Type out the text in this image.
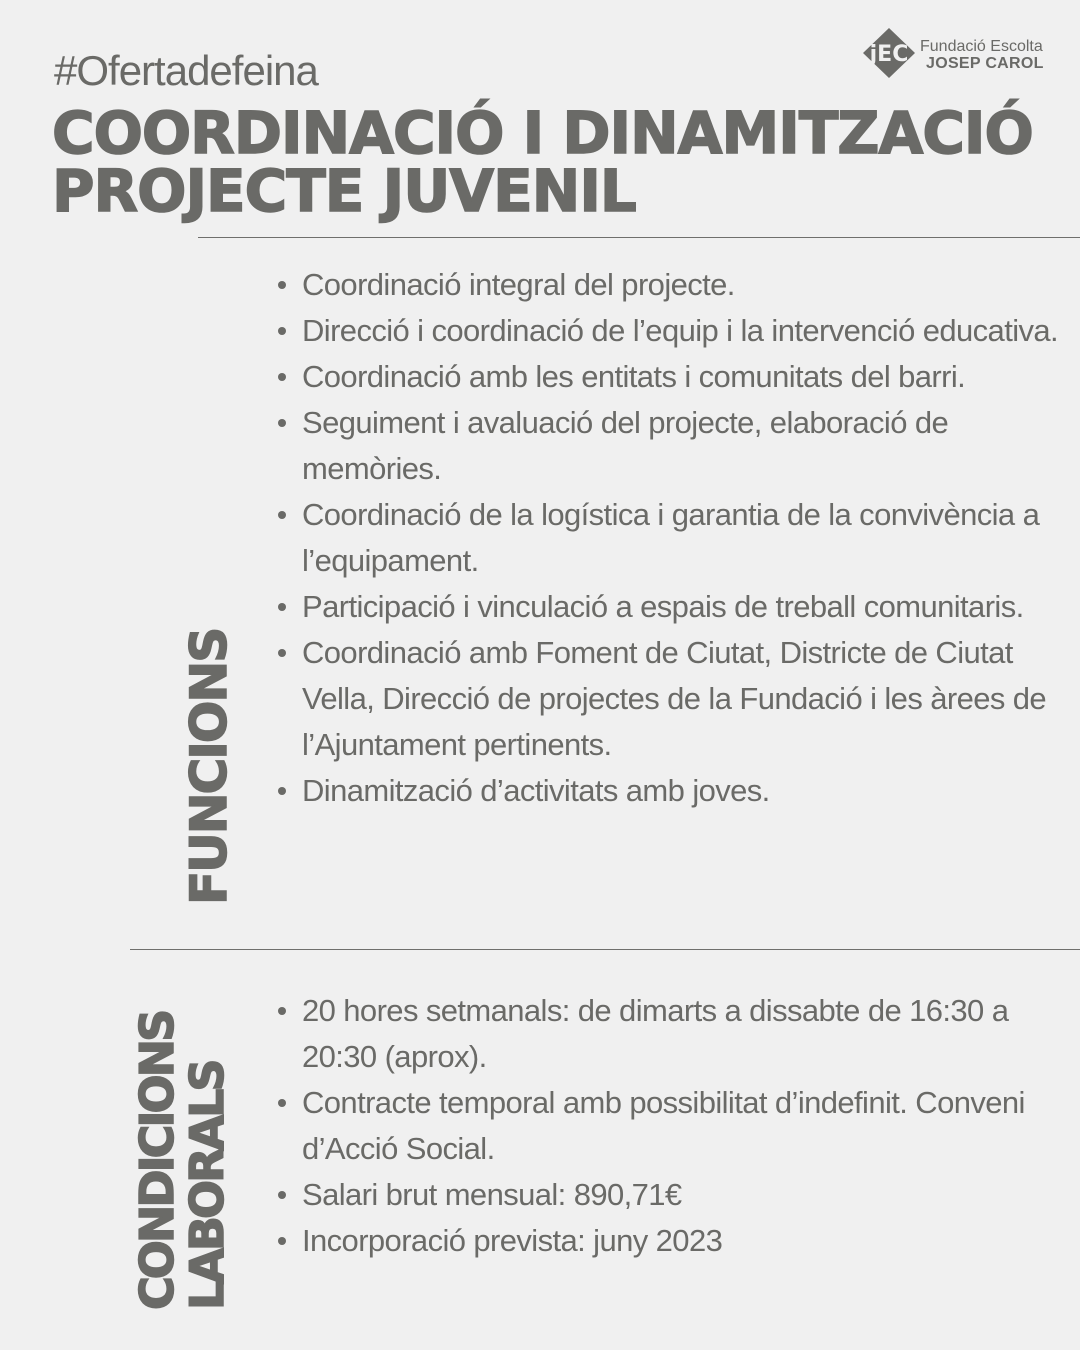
#Ofertadefeina
COORDINACIÓ I DINAMITZACIÓ
PROJECTE JUVENIL
jEC Fundació Escolta
JOSEP CAROL
FUNCIONS
Coordinació integral del projecte.
Direcció i coordinació de l’equip i la intervenció educativa.
Coordinació amb les entitats i comunitats del barri.
Seguiment i avaluació del projecte, elaboració de memòries.
Coordinació de la logística i garantia de la convivència a l’equipament.
Participació i vinculació a espais de treball comunitaris.
Coordinació amb Foment de Ciutat, Districte de Ciutat Vella, Direcció de projectes de la Fundació i les àrees de l’Ajuntament pertinents.
Dinamització d’activitats amb joves.
CONDICIONS
LABORALS
20 hores setmanals: de dimarts a dissabte de 16:30 a 20:30 (aprox).
Contracte temporal amb possibilitat d’indefinit. Conveni d’Acció Social.
Salari brut mensual: 890,71€
Incorporació prevista: juny 2023
